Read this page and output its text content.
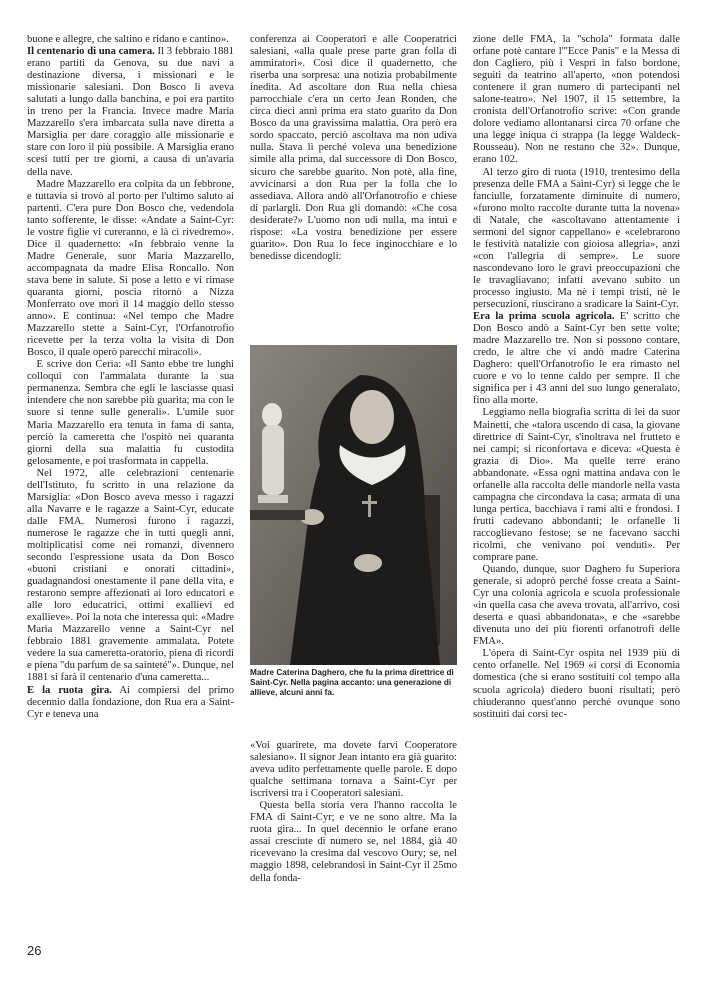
buone e allegre, che saltino e ridano e cantino».

Il centenario di una camera. Il 3 febbraio 1881 erano partiti da Genova, su due navi a destinazione diversa, i missionari e le missionarie salesiani. Don Bosco li aveva salutati a lungo dalla banchina, e poi era partito in treno per la Francia. Invece madre Maria Mazzarello s'era imbarcata sulla nave diretta a Marsiglia per dare coraggio alle missionarie e stare con loro il più possibile. A Marsiglia erano scesi tutti per tre giorni, a causa di un'avaria della nave.

Madre Mazzarello era colpita da un febbrone, e tuttavia si trovò al porto per l'ultimo saluto ai partenti. C'era pure Don Bosco che, vedendola tanto sofferente, le disse: «Andate a Saint-Cyr: le vostre figlie vi cureranno, e là ci rivedremo». Dice il quadernetto: «In febbraio venne la Madre Generale, suor Maria Mazzarello, accompagnata da madre Elisa Roncallo. Non stava bene in salute. Si pose a letto e vi rimase quaranta giorni, poscia ritornò a Nizza Monferrato ove morì il 14 maggio dello stesso anno». E continua: «Nel tempo che Madre Mazzarello stette a Saint-Cyr, l'Orfanotrofio ricevette per la terza volta la visita di Don Bosco, il quale operò parecchi miracoli».

E scrive don Ceria: «Il Santo ebbe tre lunghi colloqui con l'ammalata durante la sua permanenza. Sembra che egli le lasciasse quasi intendere che non sarebbe più guarita; ma con le suore si tenne sulle generali». L'umile suor Maria Mazzarello era tenuta in fama di santa, perciò la cameretta che l'ospitò nei quaranta giorni della sua malattia fu custodita gelosamente, e poi trasformata in cappella.

Nel 1972, alle celebrazioni centenarie dell'Istituto, fu scritto in una relazione da Marsiglia: «Don Bosco aveva messo i ragazzi alla Navarre e le ragazze a Saint-Cyr, educate dalle FMA. Numerosi furono i ragazzi, numerose le ragazze che in tutti quegli anni, moltiplicatisi come nei romanzi, divennero secondo l'espressione usata da Don Bosco «buoni cristiani e onorati cittadini», guadagnandosi onestamente il pane della vita, e restarono sempre affezionati ai loro educatori e alle loro educatrici, ottimi exallievi ed exallieve». Poi la nota che interessa qui: «Madre Maria Mazzarello venne a Saint-Cyr nel febbraio 1881 gravemente ammalata. Potete vedere la sua cameretta-oratorio, piena di ricordi e piena "du parfum de sa sainteté"». Dunque, nel 1881 si farà il centenario d'una cameretta...

E la ruota gira. Ai compiersi del primo decennio dalla fondazione, don Rua era a Saint-Cyr e teneva una

conferenza ai Cooperatori e alle Cooperatrici salesiani, «alla quale prese parte gran folla di ammiratori». Così dice il quadernetto, che riserba una sorpresa: una notizia probabilmente inedita. Ad ascoltare don Rua nella chiesa parrocchiale c'era un certo Jean Ronden, che circa dieci anni prima era stato guarito da Don Bosco da una gravissima malattia. Ora però era sordo spaccato, perciò ascoltava ma non udiva nulla. Stava lì perché voleva una benedizione simile alla prima, dal successore di Don Bosco, sicuro che sarebbe guarito. Non potè, alla fine, avvicinarsi a don Rua per la folla che lo assediava. Allora andò all'Orfanotrofio e chiese di parlargli. Don Rua gli domandò: «Che cosa desiderate?» L'uomo non udì nulla, ma intuì e rispose: «La vostra benedizione per essere guarito». Don Rua lo fece inginocchiare e lo benedisse dicendogli:

Madre Caterina Daghero, che fu la prima direttrice di Saint-Cyr. Nella pagina accanto: una generazione di allieve, alcuni anni fa.

«Voi guarirete, ma dovete farvi Cooperatore salesiano». Il signor Jean intanto era già guarito: aveva udito perfettamente quelle parole. E dopo qualche settimana tornava a Saint-Cyr per iscriversi tra i Cooperatori salesiani.

Questa bella storia vera l'hanno raccolta le FMA di Saint-Cyr; e ve ne sono altre. Ma la ruota gira... In quel decennio le orfane erano assai cresciute di numero se, nel 1884, già 40 ricevevano la cresima dal vescovo Oury; se, nel maggio 1898, celebrandosi in Saint-Cyr il 25mo della fonda-

zione delle FMA, la "schola" formata dalle orfane potè cantare l'"Ecce Panis" e la Messa di don Cagliero, più i Vespri in falso bordone, seguiti da teatrino all'aperto, «non potendosi contenere il gran numero di partecipanti nel salone-teatro». Nel 1907, il 15 settembre, la cronista dell'Orfanotrofio scrive: «Con grande dolore vediamo allontanarsi circa 70 orfane che una legge iniqua ci strappa (la legge Waldeck-Rousseau). Non ne restano che 32». Dunque, erano 102.

Al terzo giro di ruota (1910, trentesimo della presenza delle FMA a Saint-Cyr) si legge che le fanciulle, forzatamente diminuite di numero, «furono molto raccolte durante tutta la novena» di Natale, che «ascoltavano attentamente i sermoni del signor cappellano» e «celebrarono le festività natalizie con gioiosa allegria», anzi «con l'allegria di sempre». Le suore nascondevano loro le gravi preoccupazioni che le travagliavano; infatti avevano subito un processo ingiusto. Ma nè i tempi tristi, nè le persecuzioni, riuscirano a sradicare la Saint-Cyr.

Era la prima scuola agricola. E' scritto che Don Bosco andò a Saint-Cyr ben sette volte; madre Mazzarello tre. Non si possono contare, credo, le altre che vi andò madre Caterina Daghero: quell'Orfanotrofio le era rimasto nel cuore e vo lo tenne caldo per sempre. Il che significa per i 43 anni del suo lungo generalato, fino alla morte.

Leggiamo nella biografia scritta di lei da suor Mainetti, che «talora uscendo di casa, la giovane direttrice di Saint-Cyr, s'inoltrava nel frutteto e nei campi; si riconfortava e diceva: «Questa è grazia di Dio». Ma quelle terre erano abbandonate. «Essa ogni mattina andava con le orfanelle alla raccolta delle mandorle nella vasta campagna che circondava la casa; armata di una lunga pertica, bacchiava i rami alti e frondosi. I frutti cadevano abbondanti; le orfanelle li raccoglievano festose; se ne facevano sacchi ricolmi, che venivano poi venduti». Per comprare pane.

Quando, dunque, suor Daghero fu Superiora generale, si adoprò perché fosse creata a Saint-Cyr una colonia agricola e scuola professionale «in quella casa che aveva trovata, all'arrivo, così deserta e quasi abbandonata», e che «sarebbe divenuta uno dei più fiorenti orfanotrofi delle FMA».

L'ópera di Saint-Cyr ospita nel 1939 più di cento orfanelle. Nel 1969 «i corsi di Economia domestica (che si erano sostituiti col tempo alla scuola agricola) diedero buoni risultati; però chiuderanno quest'anno perché ovunque sono sostituiti dai corsi tec-

26
